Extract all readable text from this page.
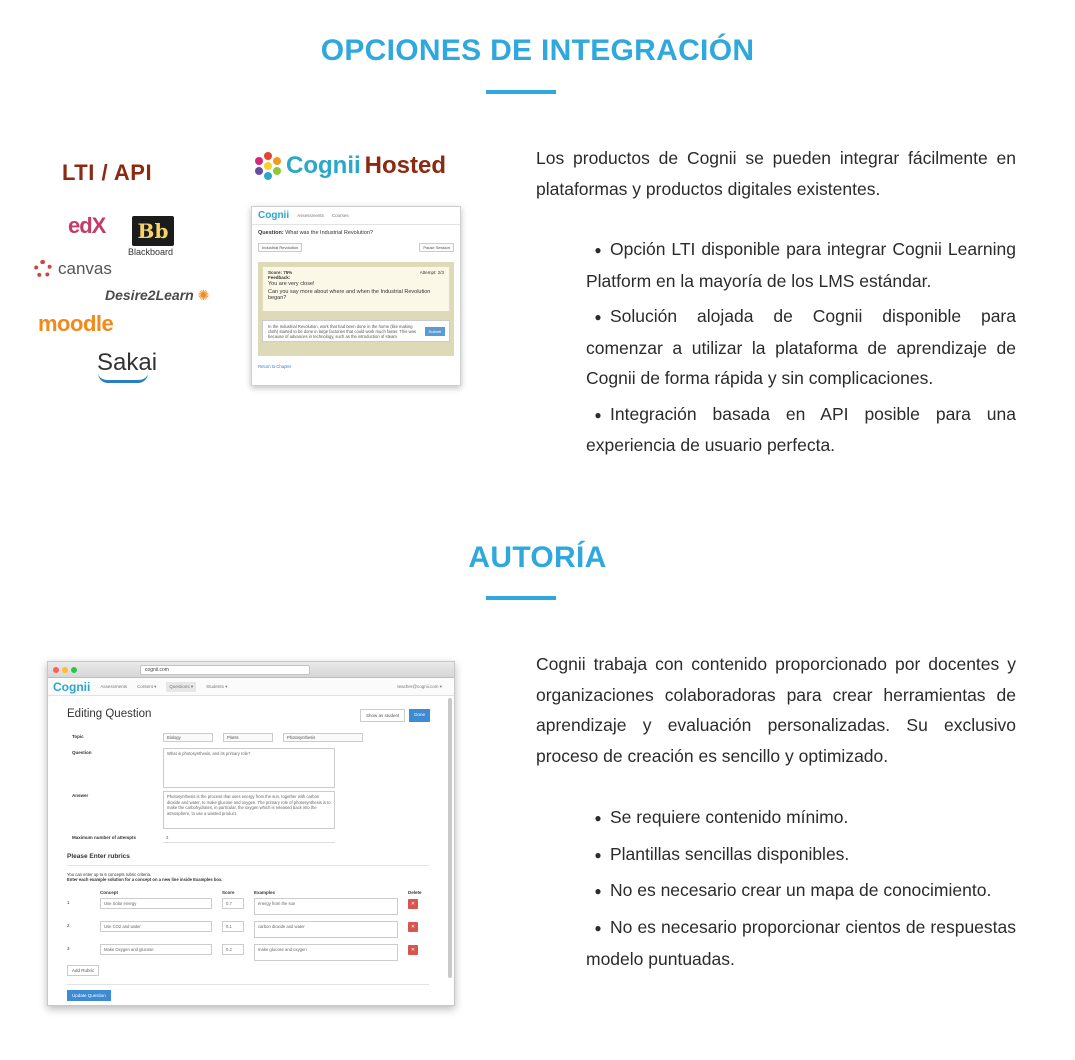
OPCIONES DE INTEGRACIÓN
LTI / API
edX Bb
Blackboard
canvas
Desire2Learn ✺
moodle
Sakai
Cognii Hosted
Cognii Assessments Courses
Question: What was the Industrial Revolution?
Industrial Revolution	Pause Session
Score: 75%	Attempt: 2/3
Feedback:
You are very close!
Can you say more about where and when the Industrial Revolution began?
In the Industrial Revolution, work that had been done in the home (like making cloth) started to be done in large factories that could work much faster. This was because of advances in technology, such as the introduction of steam
Submit
Return to Chapter

Los productos de Cognii se pueden integrar fácilmente en plataformas y productos digitales existentes.

● Opción LTI disponible para integrar Cognii Learning Platform en la mayoría de los LMS estándar.
● Solución alojada de Cognii disponible para comenzar a utilizar la plataforma de aprendizaje de Cognii de forma rápida y sin complicaciones.
● Integración basada en API posible para una experiencia de usuario perfecta.
AUTORÍA
cognii.com
Cognii Assessments Content ▾	Questions ▾	Students ▾	teacher@cognii.com ▾
Editing Question	Show as student	Done
Topic	Biology	Plants	Photosynthesis
Question	What is photosynthesis, and its primary role?
Answer	Photosynthesis is the process that uses energy from the sun, together with carbon dioxide and water, to make glucose and oxygen. The primary role of photosynthesis is to make the carbohydrates, in particular, the oxygen which is released back into the atmosphere, to use a wasted product.
Maximum number of attempts	3
Please Enter rubrics
You can enter up to 6 concepts rubric criteria.
Enter each example solution for a concept on a new line inside Examples box.
Concept	Score	Examples	Delete
1	Use Solar energy	0.7	energy from the sun	✕
2	Use CO2 and water	0.1	carbon dioxide and water	✕
3	Make Oxygen and glucose	0.2	make glucose and oxygen	✕
Add Rubric
Update Question

Cognii trabaja con contenido proporcionado por docentes y organizaciones colaboradoras para crear herramientas de aprendizaje y evaluación personalizadas. Su exclusivo proceso de creación es sencillo y optimizado.

● Se requiere contenido mínimo.
● Plantillas sencillas disponibles.
● No es necesario crear un mapa de conocimiento.
● No es necesario proporcionar cientos de respuestas modelo puntuadas.
